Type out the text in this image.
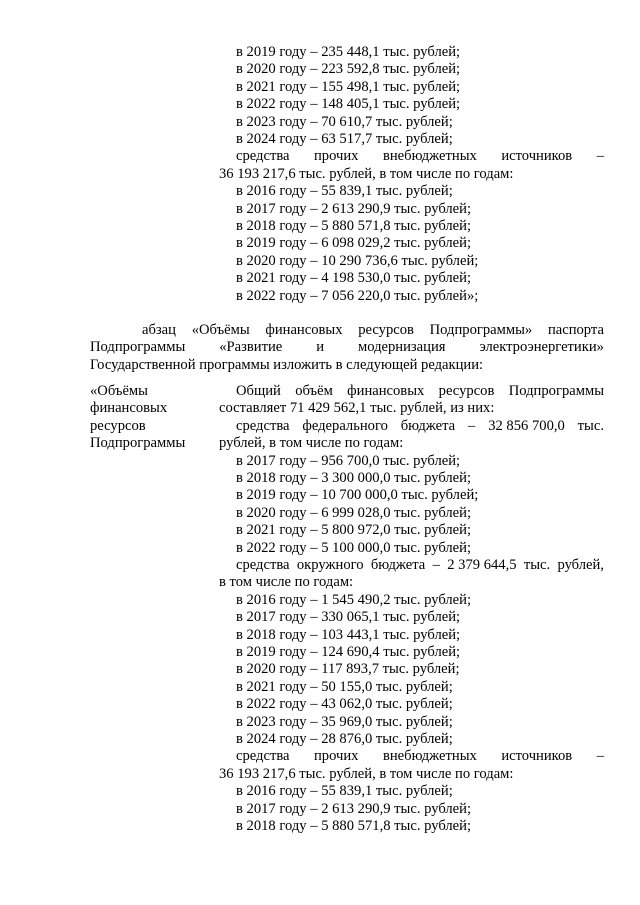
в 2019 году – 235 448,1 тыс. рублей;
в 2020 году – 223 592,8 тыс. рублей;
в 2021 году – 155 498,1 тыс. рублей;
в 2022 году – 148 405,1 тыс. рублей;
в 2023 году – 70 610,7 тыс. рублей;
в 2024 году – 63 517,7 тыс. рублей;
средства прочих внебюджетных источников –
36 193 217,6 тыс. рублей, в том числе по годам:
в 2016 году – 55 839,1 тыс. рублей;
в 2017 году – 2 613 290,9 тыс. рублей;
в 2018 году – 5 880 571,8 тыс. рублей;
в 2019 году – 6 098 029,2 тыс. рублей;
в 2020 году – 10 290 736,6 тыс. рублей;
в 2021 году – 4 198 530,0 тыс. рублей;
в 2022 году – 7 056 220,0 тыс. рублей»;
абзац «Объёмы финансовых ресурсов Подпрограммы» паспорта
Подпрограммы «Развитие и модернизация электроэнергетики»
Государственной программы изложить в следующей редакции:
«Объёмы
финансовых
ресурсов
Подпрограммы
Общий объём финансовых ресурсов Подпрограммы
составляет 71 429 562,1 тыс. рублей, из них:
средства федерального бюджета – 32 856 700,0 тыс.
рублей, в том числе по годам:
в 2017 году – 956 700,0 тыс. рублей;
в 2018 году – 3 300 000,0 тыс. рублей;
в 2019 году – 10 700 000,0 тыс. рублей;
в 2020 году – 6 999 028,0 тыс. рублей;
в 2021 году – 5 800 972,0 тыс. рублей;
в 2022 году – 5 100 000,0 тыс. рублей;
средства окружного бюджета – 2 379 644,5 тыс. рублей,
в том числе по годам:
в 2016 году – 1 545 490,2 тыс. рублей;
в 2017 году – 330 065,1 тыс. рублей;
в 2018 году – 103 443,1 тыс. рублей;
в 2019 году – 124 690,4 тыс. рублей;
в 2020 году – 117 893,7 тыс. рублей;
в 2021 году – 50 155,0 тыс. рублей;
в 2022 году – 43 062,0 тыс. рублей;
в 2023 году – 35 969,0 тыс. рублей;
в 2024 году – 28 876,0 тыс. рублей;
средства прочих внебюджетных источников –
36 193 217,6 тыс. рублей, в том числе по годам:
в 2016 году – 55 839,1 тыс. рублей;
в 2017 году – 2 613 290,9 тыс. рублей;
в 2018 году – 5 880 571,8 тыс. рублей;
